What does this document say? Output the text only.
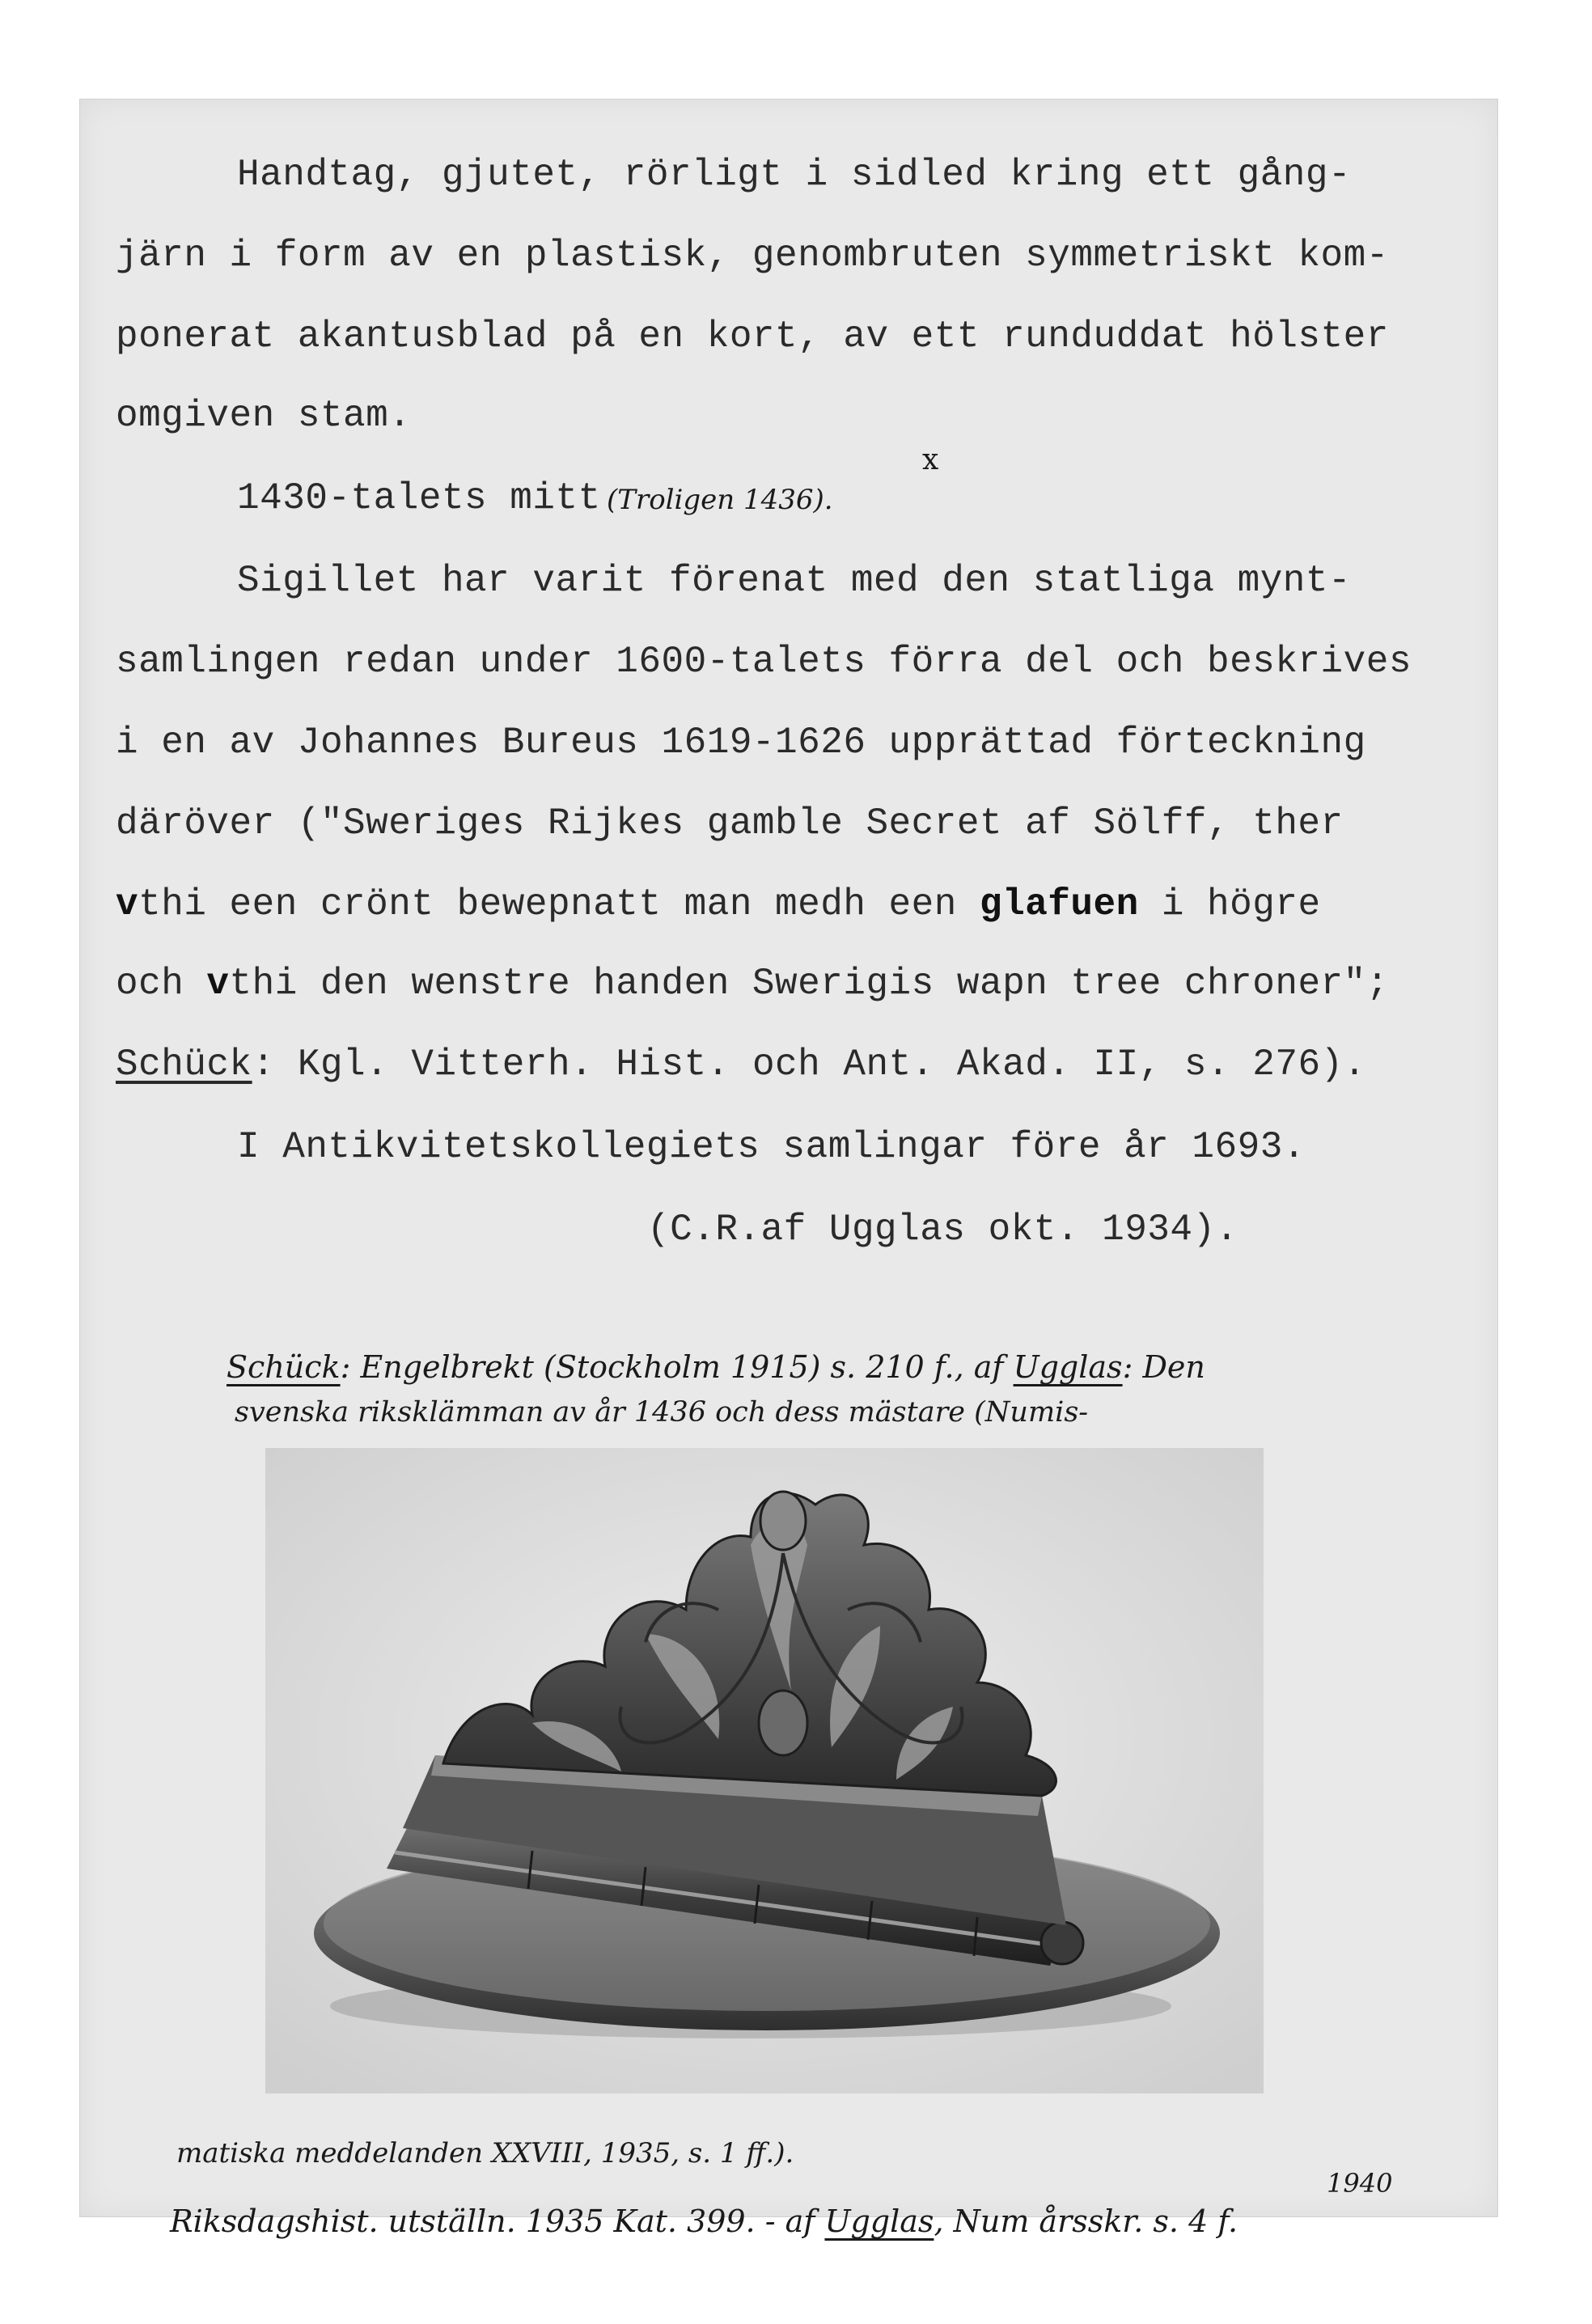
Handtag, gjutet, rörligt i sidled kring ett gång-
järn i form av en plastisk, genombruten symmetriskt kom-
ponerat akantusblad på en kort, av ett runduddat hölster
omgiven stam.
1430-talets mitt (Troligen 1436).
x
Sigillet har varit förenat med den statliga mynt-
samlingen redan under 1600-talets förra del och beskrives
i en av Johannes Bureus 1619-1626 upprättad förteckning
däröver ("Sweriges Rijkes gamble Secret af Sölff, ther
vthi een crönt bewepnatt man medh een glafuen i högre
och vthi den wenstre handen Swerigis wapn tree chroner";
Schück: Kgl. Vitterh. Hist. och Ant. Akad. II, s. 276).
I Antikvitetskollegiets samlingar före år 1693.
(C.R.af Ugglas okt. 1934).
Schück: Engelbrekt (Stockholm 1915) s. 210 f., af Ugglas: Den
svenska riksklämman av år 1436 och dess mästare (Numis-
matiska meddelanden XXVIII, 1935, s. 1 ff.).
1940
Riksdagshist. utställn. 1935 Kat. 399. - af Ugglas, Num årsskr. s. 4 f.
